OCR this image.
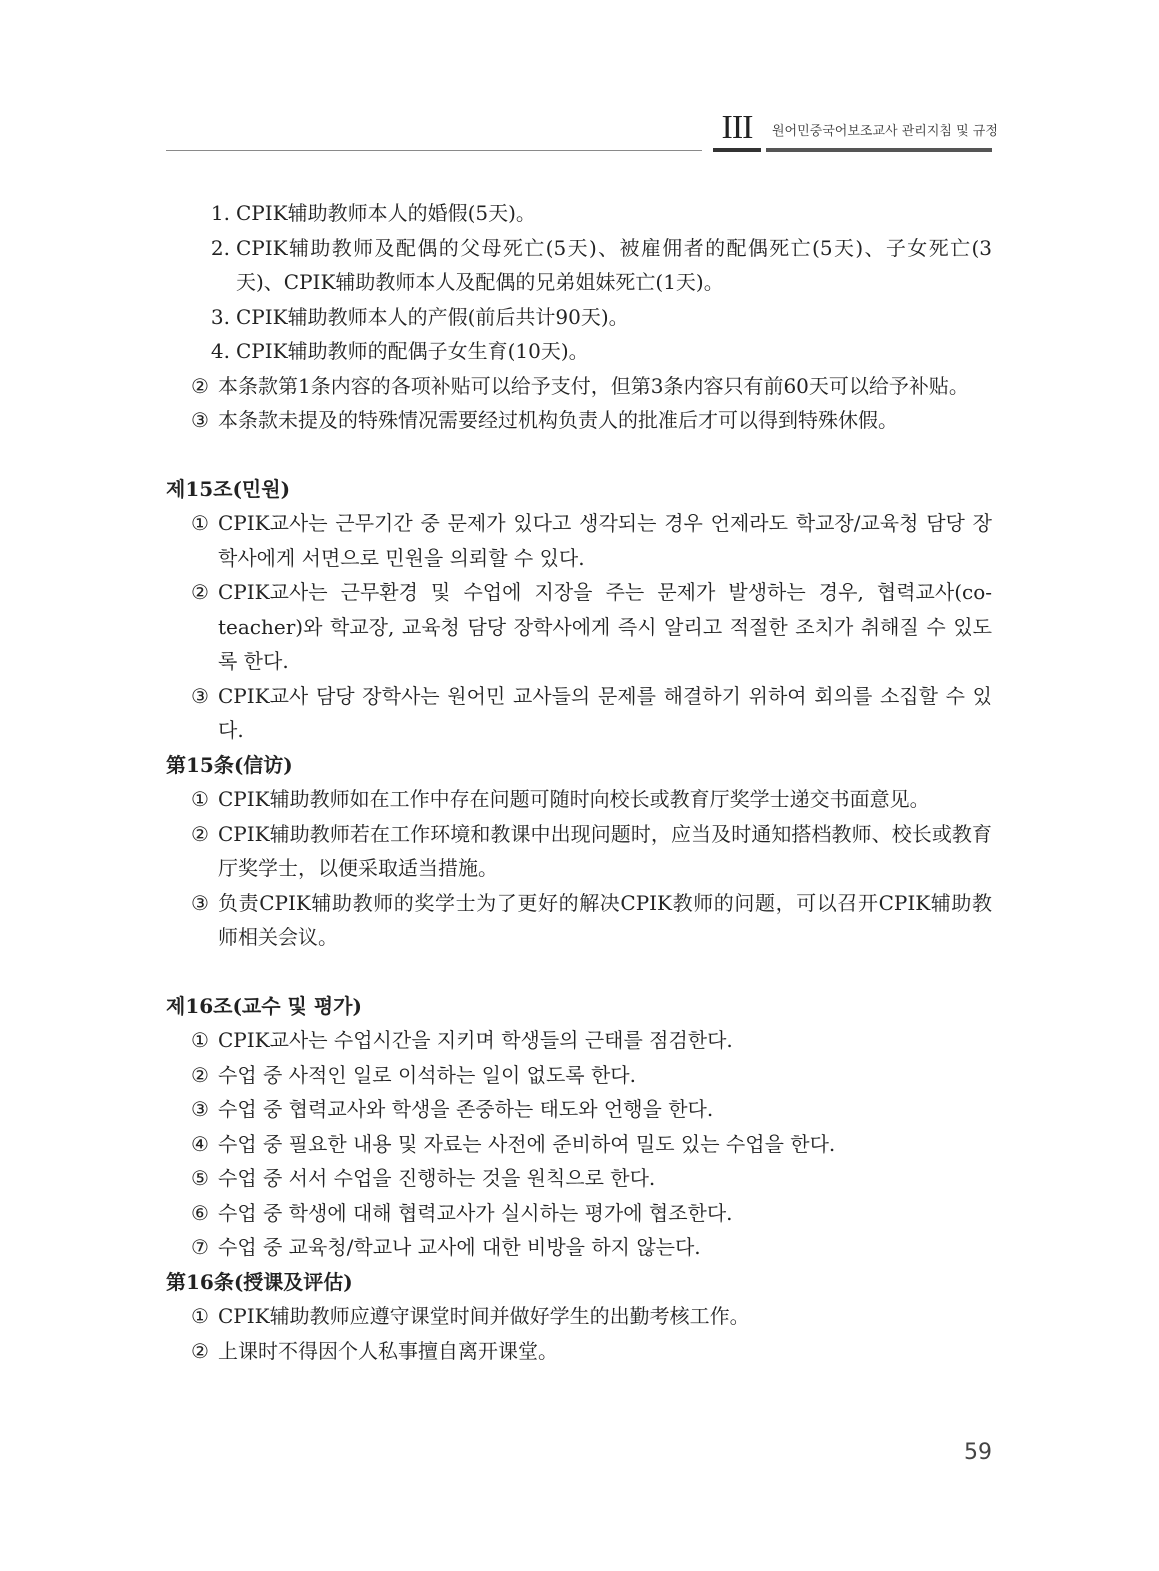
III	원어민중국어보조교사 관리지침 및 규정
1. CPIK辅助教师本人的婚假(5天)。
2. CPIK辅助教师及配偶的父母死亡(5天)、被雇佣者的配偶死亡(5天)、子女死亡(3天)、CPIK辅助教师本人及配偶的兄弟姐妹死亡(1天)。
3. CPIK辅助教师本人的产假(前后共计90天)。
4. CPIK辅助教师的配偶子女生育(10天)。
② 本条款第1条内容的各项补贴可以给予支付，但第3条内容只有前60天可以给予补贴。
③ 本条款未提及的特殊情况需要经过机构负责人的批准后才可以得到特殊休假。
제15조(민원)
① CPIK교사는 근무기간 중 문제가 있다고 생각되는 경우 언제라도 학교장/교육청 담당 장학사에게 서면으로 민원을 의뢰할 수 있다.
② CPIK교사는 근무환경 및 수업에 지장을 주는 문제가 발생하는 경우, 협력교사(co-teacher)와 학교장, 교육청 담당 장학사에게 즉시 알리고 적절한 조치가 취해질 수 있도록 한다.
③ CPIK교사 담당 장학사는 원어민 교사들의 문제를 해결하기 위하여 회의를 소집할 수 있다.
第15条(信访)
① CPIK辅助教师如在工作中存在问题可随时向校长或教育厅奖学士递交书面意见。
② CPIK辅助教师若在工作环境和教课中出现问题时，应当及时通知搭档教师、校长或教育厅奖学士，以便采取适当措施。
③ 负责CPIK辅助教师的奖学士为了更好的解决CPIK教师的问题，可以召开CPIK辅助教师相关会议。
제16조(교수 및 평가)
① CPIK교사는 수업시간을 지키며 학생들의 근태를 점검한다.
② 수업 중 사적인 일로 이석하는 일이 없도록 한다.
③ 수업 중 협력교사와 학생을 존중하는 태도와 언행을 한다.
④ 수업 중 필요한 내용 및 자료는 사전에 준비하여 밀도 있는 수업을 한다.
⑤ 수업 중 서서 수업을 진행하는 것을 원칙으로 한다.
⑥ 수업 중 학생에 대해 협력교사가 실시하는 평가에 협조한다.
⑦ 수업 중 교육청/학교나 교사에 대한 비방을 하지 않는다.
第16条(授课及评估)
① CPIK辅助教师应遵守课堂时间并做好学生的出勤考核工作。
② 上课时不得因个人私事擅自离开课堂。
59
